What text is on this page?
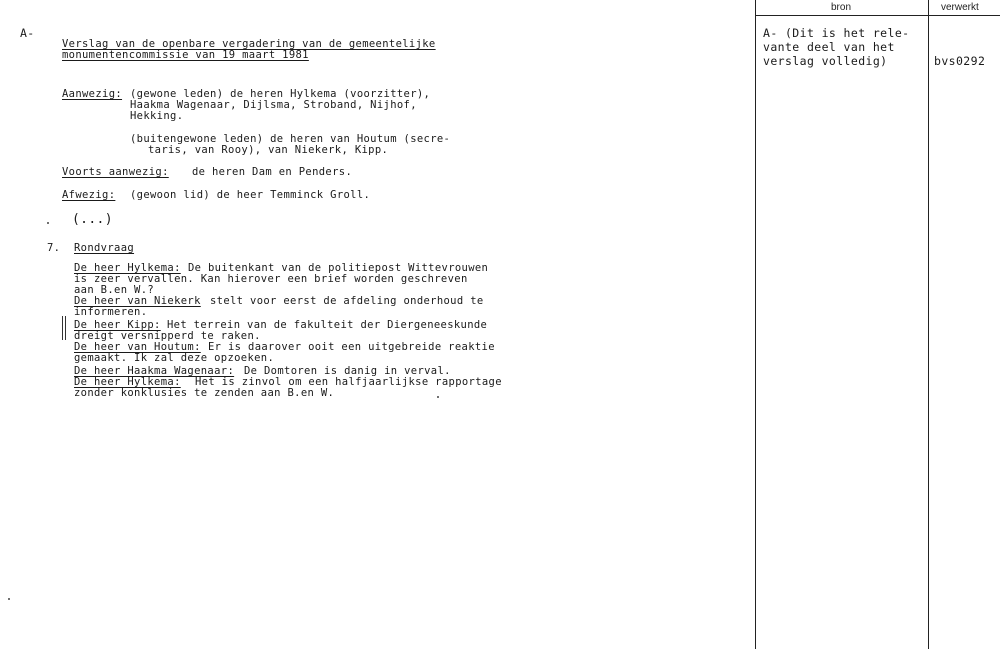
bron	verwerkt
A-
Verslag van de openbare vergadering van de gemeentelijke
monumentencommissie van 19 maart 1981
Aanwezig: (gewone leden) de heren Hylkema (voorzitter),
Haakma Wagenaar, Dijlsma, Stroband, Nijhof,
Hekking.
(buitengewone leden) de heren van Houtum (secre-
taris, van Rooy), van Niekerk, Kipp.
Voorts aanwezig: de heren Dam en Penders.
Afwezig: (gewoon lid) de heer Temminck Groll.
(...)
7. Rondvraag
De heer Hylkema: De buitenkant van de politiepost Wittevrouwen
is zeer vervallen. Kan hierover een brief worden geschreven
aan B.en W.?
De heer van Niekerk stelt voor eerst de afdeling onderhoud te
informeren.
De heer Kipp: Het terrein van de fakulteit der Diergeneeskunde
dreigt versnipperd te raken.
De heer van Houtum: Er is daarover ooit een uitgebreide reaktie
gemaakt. Ik zal deze opzoeken.
De heer Haakma Wagenaar: De Domtoren is danig in verval.
De heer Hylkema: Het is zinvol om een halfjaarlijkse rapportage
zonder konklusies te zenden aan B.en W.
A- (Dit is het rele-
vante deel van het
verslag volledig)	bvs0292
